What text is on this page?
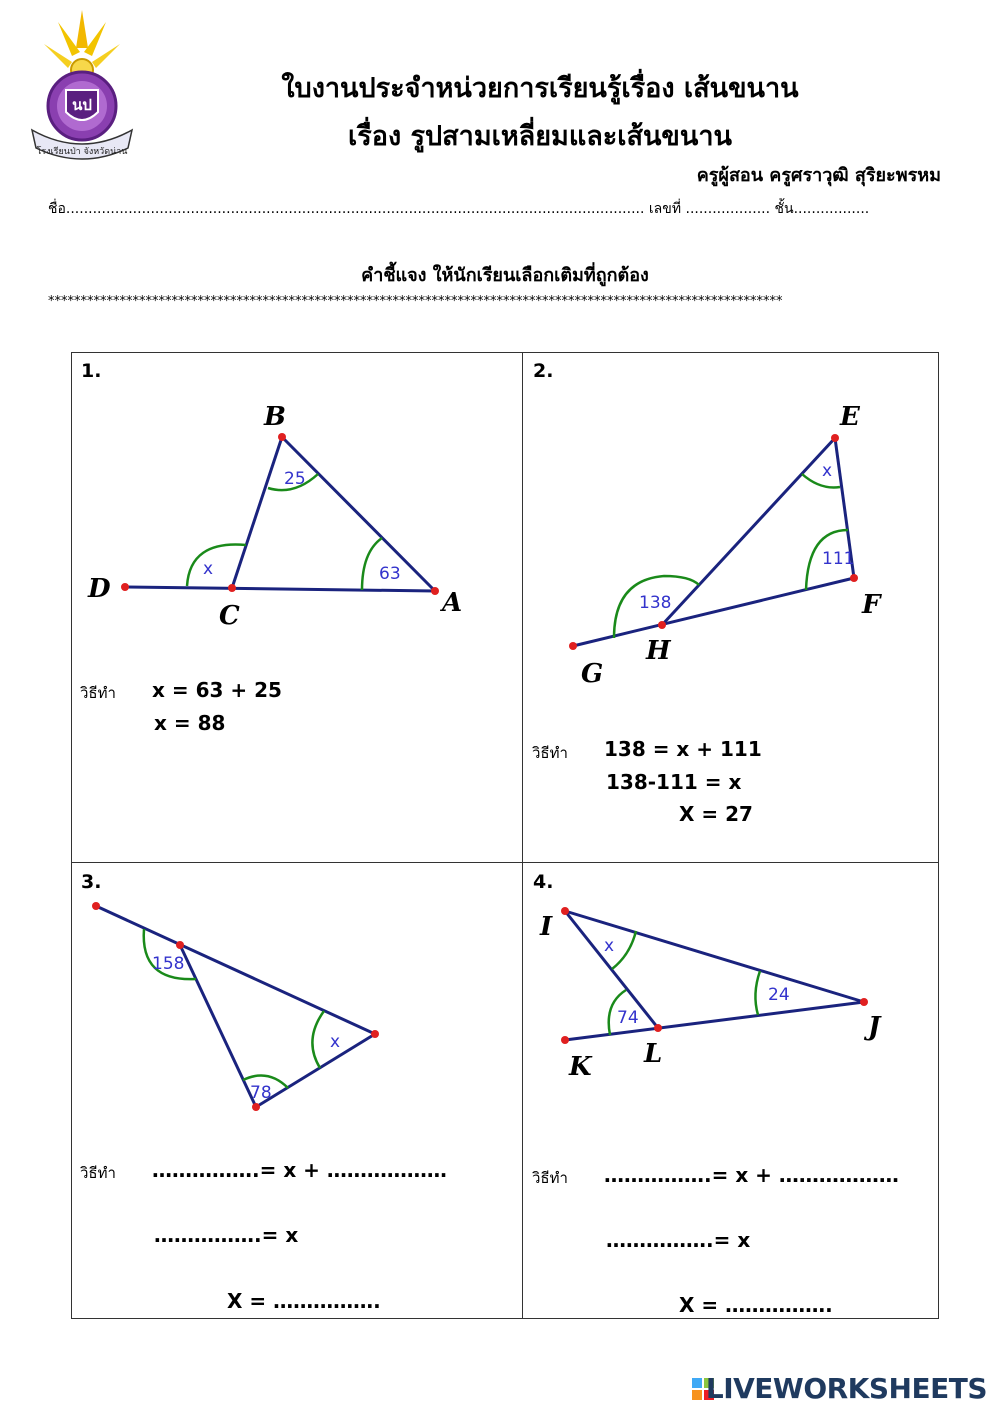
นป
โรงเรียนป่า จังหวัดน่าน
ใบงานประจำหน่วยการเรียนรู้เรื่อง เส้นขนาน
เรื่อง รูปสามเหลี่ยมและเส้นขนาน
ครูผู้สอน ครูศราวุฒิ สุริยะพรหม
ชื่อ.................................................................................................................................. เลขที่ ................... ชั้น.................
คำชี้แจง ให้นักเรียนเลือกเติมที่ถูกต้อง
*****************************************************************************************************************
1.	2.
3.	4.
25
x	63
B
D
C	A
x
111
138
E
F
H
G
158
x
78
x
74
24
I
J
K L
วิธีทำ x = 63 + 25
x = 88
วิธีทำ 138 = x + 111
138-111 = x
X = 27
วิธีทำ …………….= x + ………………
…………….= x
X = …………….
วิธีทำ …………….= x + ………………
…………….= x
X = …………….
LIVEWORKSHEETS
